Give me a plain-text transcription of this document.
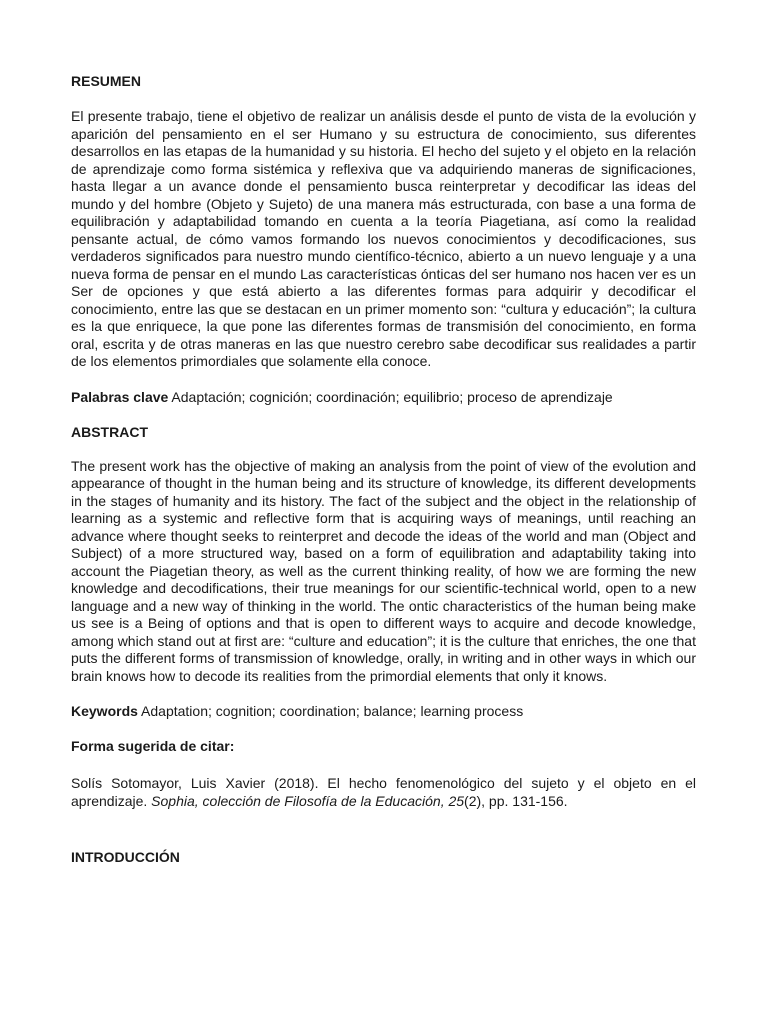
RESUMEN

El presente trabajo, tiene el objetivo de realizar un análisis desde el punto de vista de la evolución y aparición del pensamiento en el ser Humano y su estructura de conocimiento, sus diferentes desarrollos en las etapas de la humanidad y su historia. El hecho del sujeto y el objeto en la relación de aprendizaje como forma sistémica y reflexiva que va adquiriendo maneras de significaciones, hasta llegar a un avance donde el pensamiento busca reinterpretar y decodificar las ideas del mundo y del hombre (Objeto y Sujeto) de una manera más estructurada, con base a una forma de equilibración y adaptabilidad tomando en cuenta a la teoría Piagetiana, así como la realidad pensante actual, de cómo vamos formando los nuevos conocimientos y decodificaciones, sus verdaderos significados para nuestro mundo científico-técnico, abierto a un nuevo lenguaje y a una nueva forma de pensar en el mundo Las características ónticas del ser humano nos hacen ver es un Ser de opciones y que está abierto a las diferentes formas para adquirir y decodificar el conocimiento, entre las que se destacan en un primer momento son: “cultura y educación”; la cultura es la que enriquece, la que pone las diferentes formas de transmisión del conocimiento, en forma oral, escrita y de otras maneras en las que nuestro cerebro sabe decodificar sus realidades a partir de los elementos primordiales que solamente ella conoce.

Palabras clave Adaptación; cognición; coordinación; equilibrio; proceso de aprendizaje

ABSTRACT

The present work has the objective of making an analysis from the point of view of the evolution and appearance of thought in the human being and its structure of knowledge, its different developments in the stages of humanity and its history. The fact of the subject and the object in the relationship of learning as a systemic and reflective form that is acquiring ways of meanings, until reaching an advance where thought seeks to reinterpret and decode the ideas of the world and man (Object and Subject) of a more structured way, based on a form of equilibration and adaptability taking into account the Piagetian theory, as well as the current thinking reality, of how we are forming the new knowledge and decodifications, their true meanings for our scientific-technical world, open to a new language and a new way of thinking in the world. The ontic characteristics of the human being make us see is a Being of options and that is open to different ways to acquire and decode knowledge, among which stand out at first are: “culture and education”; it is the culture that enriches, the one that puts the different forms of transmission of knowledge, orally, in writing and in other ways in which our brain knows how to decode its realities from the primordial elements that only it knows.

Keywords Adaptation; cognition; coordination; balance; learning process

Forma sugerida de citar:

Solís Sotomayor, Luis Xavier (2018). El hecho fenomenológico del sujeto y el objeto en el aprendizaje. Sophia, colección de Filosofía de la Educación, 25(2), pp. 131-156.

INTRODUCCIÓN
